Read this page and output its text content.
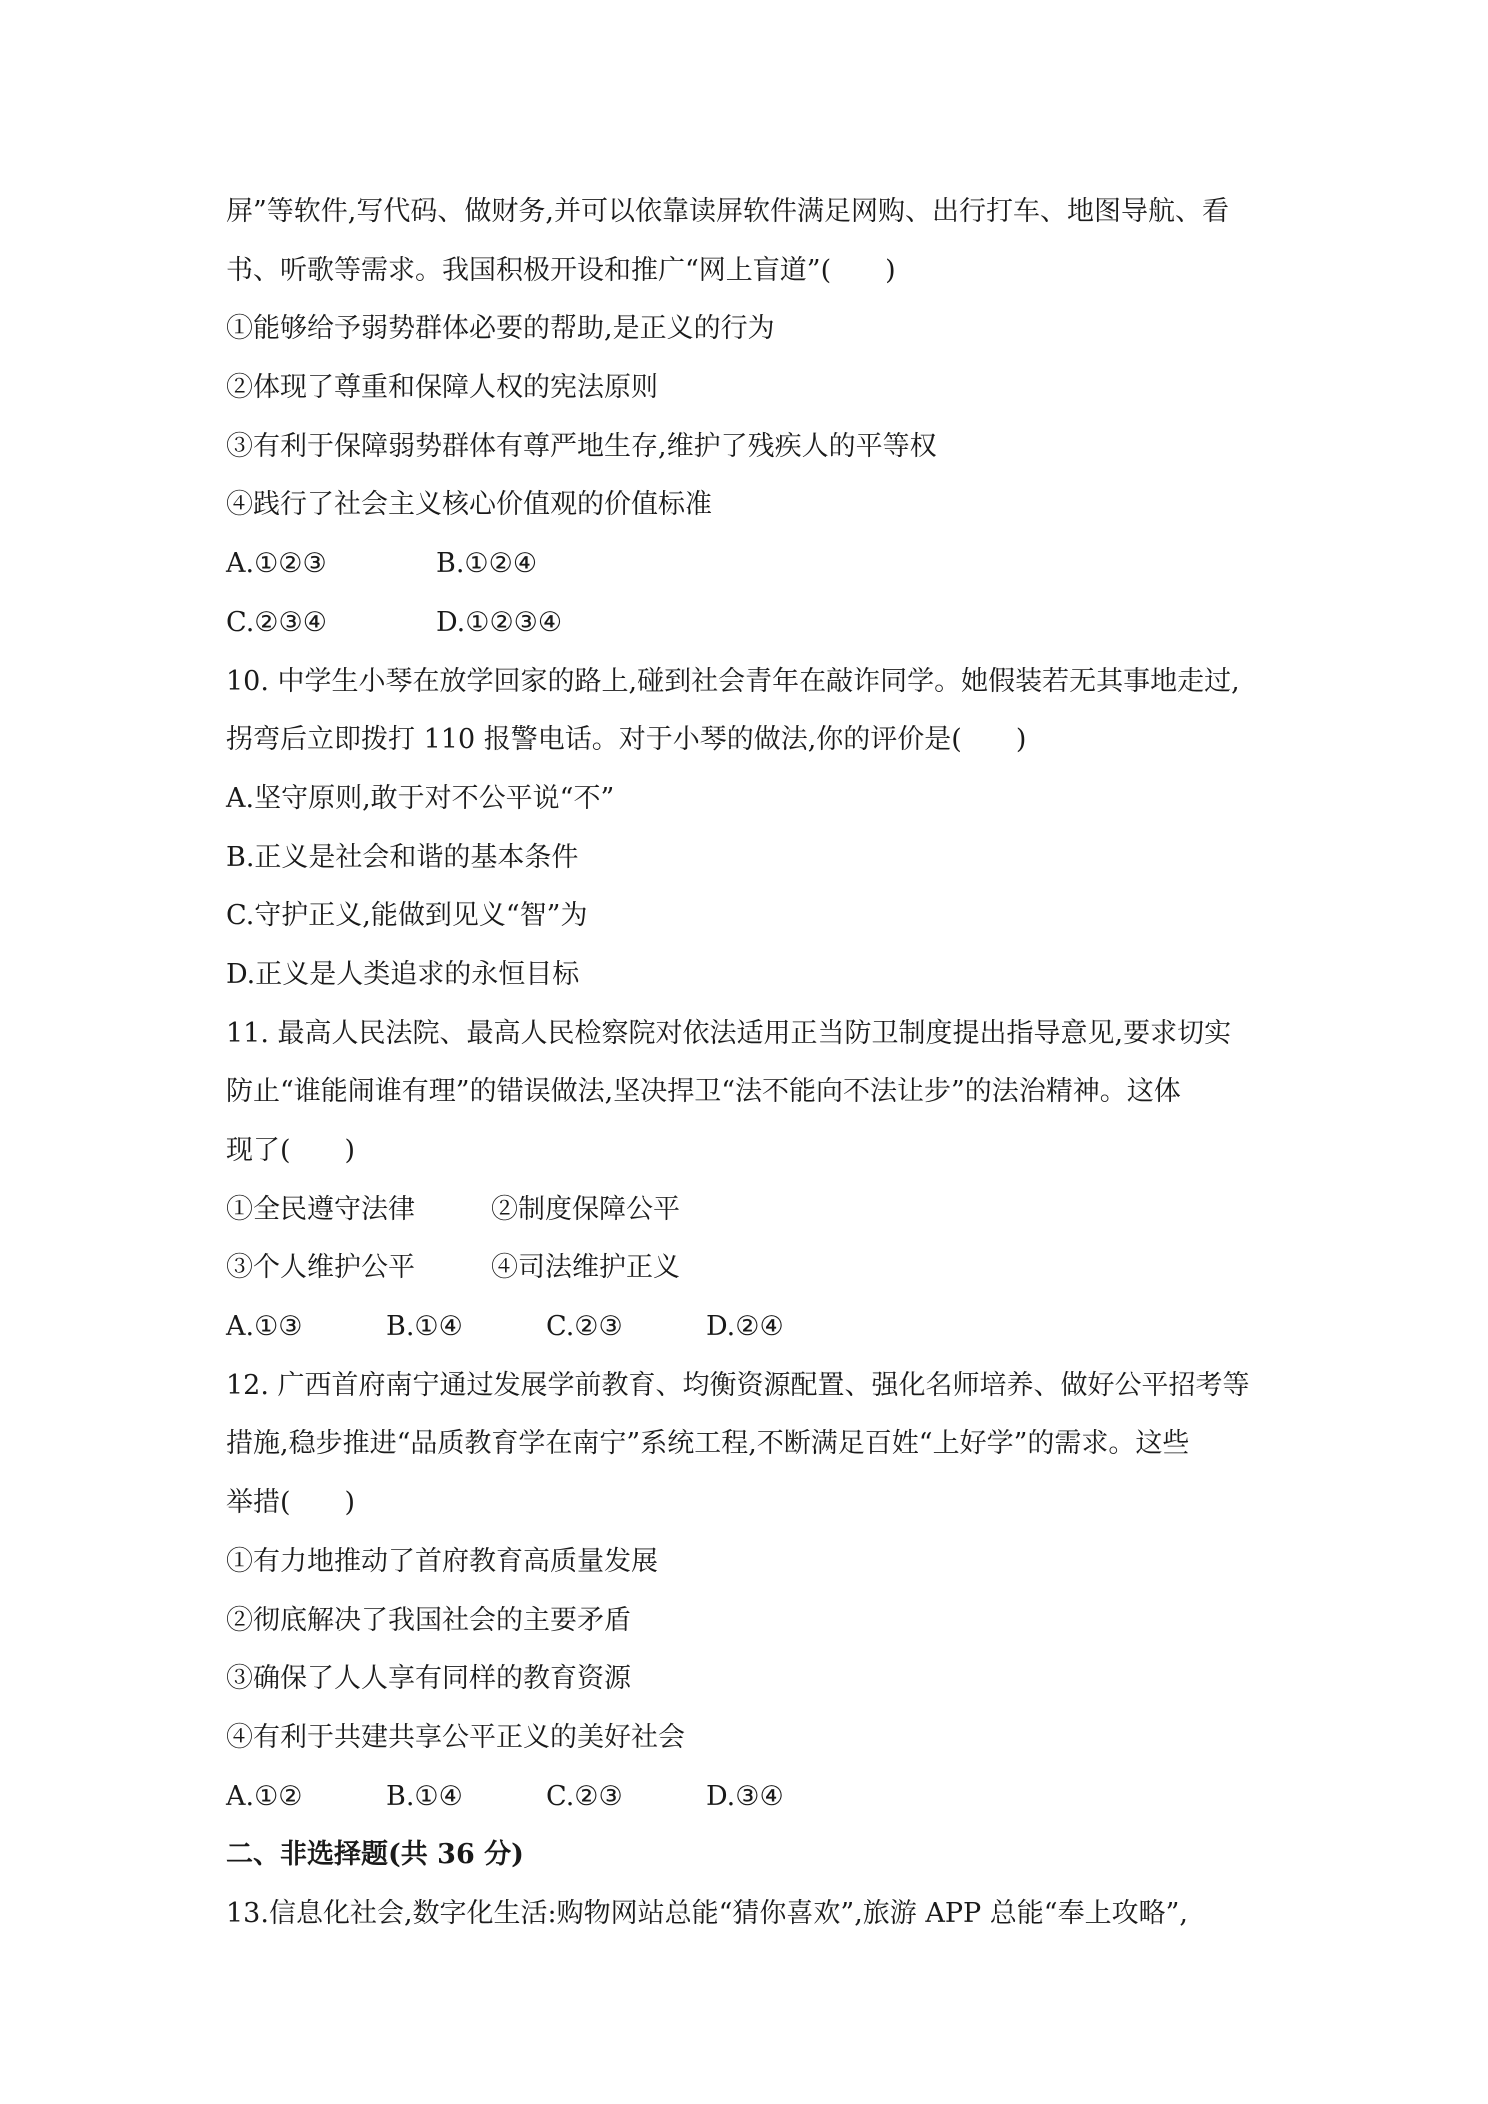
屏”等软件,写代码、做财务,并可以依靠读屏软件满足网购、出行打车、地图导航、看
书、听歌等需求。我国积极开设和推广“网上盲道”(　　)
①能够给予弱势群体必要的帮助,是正义的行为
②体现了尊重和保障人权的宪法原则
③有利于保障弱势群体有尊严地生存,维护了残疾人的平等权
④践行了社会主义核心价值观的价值标准
A.①②③	B.①②④
C.②③④	D.①②③④
10. 中学生小琴在放学回家的路上,碰到社会青年在敲诈同学。她假装若无其事地走过,
拐弯后立即拨打 110 报警电话。对于小琴的做法,你的评价是(　　)
A.坚守原则,敢于对不公平说“不”
B.正义是社会和谐的基本条件
C.守护正义,能做到见义“智”为
D.正义是人类追求的永恒目标
11. 最高人民法院、最高人民检察院对依法适用正当防卫制度提出指导意见,要求切实
防止“谁能闹谁有理”的错误做法,坚决捍卫“法不能向不法让步”的法治精神。这体
现了(　　)
①全民遵守法律	②制度保障公平
③个人维护公平	④司法维护正义
A.①③	B.①④	C.②③	D.②④
12. 广西首府南宁通过发展学前教育、均衡资源配置、强化名师培养、做好公平招考等
措施,稳步推进“品质教育学在南宁”系统工程,不断满足百姓“上好学”的需求。这些
举措(　　)
①有力地推动了首府教育高质量发展
②彻底解决了我国社会的主要矛盾
③确保了人人享有同样的教育资源
④有利于共建共享公平正义的美好社会
A.①②	B.①④	C.②③	D.③④
二、非选择题(共 36 分)
13.信息化社会,数字化生活:购物网站总能“猜你喜欢”,旅游 APP 总能“奉上攻略”,
